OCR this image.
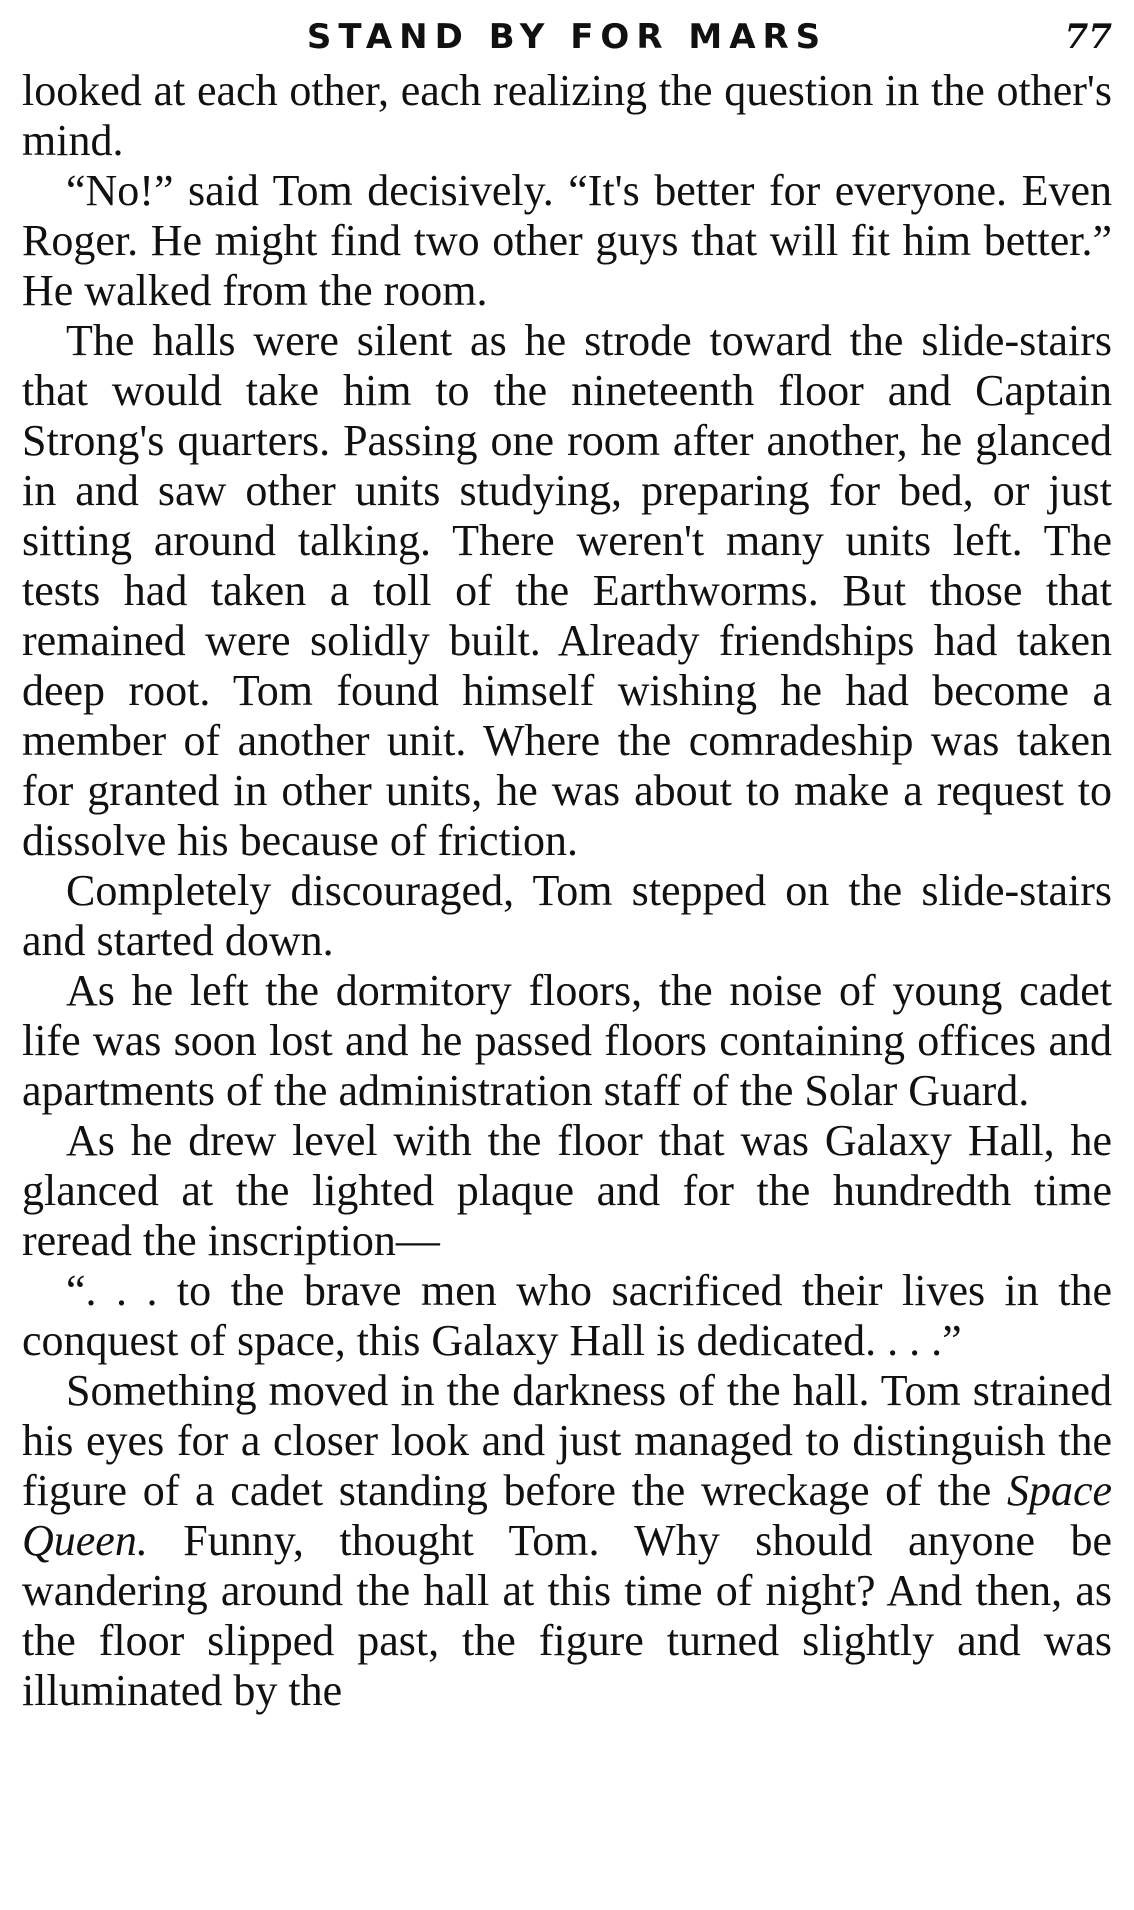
STAND BY FOR MARS	77

looked at each other, each realizing the question in the other's mind.

“No!” said Tom decisively. “It's better for everyone. Even Roger. He might find two other guys that will fit him better.” He walked from the room.

The halls were silent as he strode toward the slide-stairs that would take him to the nineteenth floor and Captain Strong's quarters. Passing one room after another, he glanced in and saw other units studying, preparing for bed, or just sitting around talking. There weren't many units left. The tests had taken a toll of the Earthworms. But those that remained were solidly built. Already friendships had taken deep root. Tom found himself wishing he had become a member of another unit. Where the comradeship was taken for granted in other units, he was about to make a request to dissolve his because of friction.

Completely discouraged, Tom stepped on the slide-stairs and started down.

As he left the dormitory floors, the noise of young cadet life was soon lost and he passed floors containing offices and apartments of the administration staff of the Solar Guard.

As he drew level with the floor that was Galaxy Hall, he glanced at the lighted plaque and for the hundredth time reread the inscription—

“. . . to the brave men who sacrificed their lives in the conquest of space, this Galaxy Hall is dedicated. . . .”

Something moved in the darkness of the hall. Tom strained his eyes for a closer look and just managed to distinguish the figure of a cadet standing before the wreckage of the Space Queen. Funny, thought Tom. Why should anyone be wandering around the hall at this time of night? And then, as the floor slipped past, the figure turned slightly and was illuminated by the
